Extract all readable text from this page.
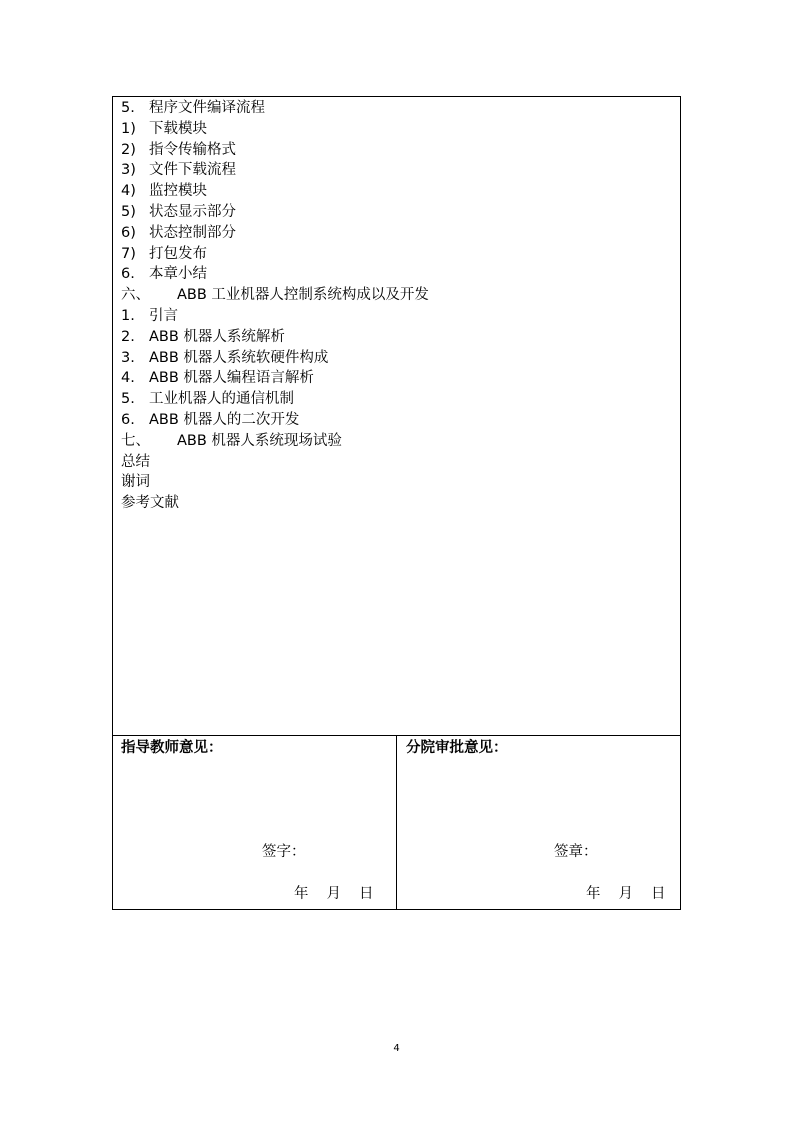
5. 程序文件编译流程
1) 下载模块
2) 指令传输格式
3) 文件下载流程
4) 监控模块
5) 状态显示部分
6) 状态控制部分
7) 打包发布
6. 本章小结
六、 ABB 工业机器人控制系统构成以及开发
1. 引言
2. ABB 机器人系统解析
3. ABB 机器人系统软硬件构成
4. ABB 机器人编程语言解析
5. 工业机器人的通信机制
6. ABB 机器人的二次开发
七、 ABB 机器人系统现场试验
总结
谢词
参考文献
指导教师意见：
签字：
年	月	日
分院审批意见：
签章：
年	月	日
4
